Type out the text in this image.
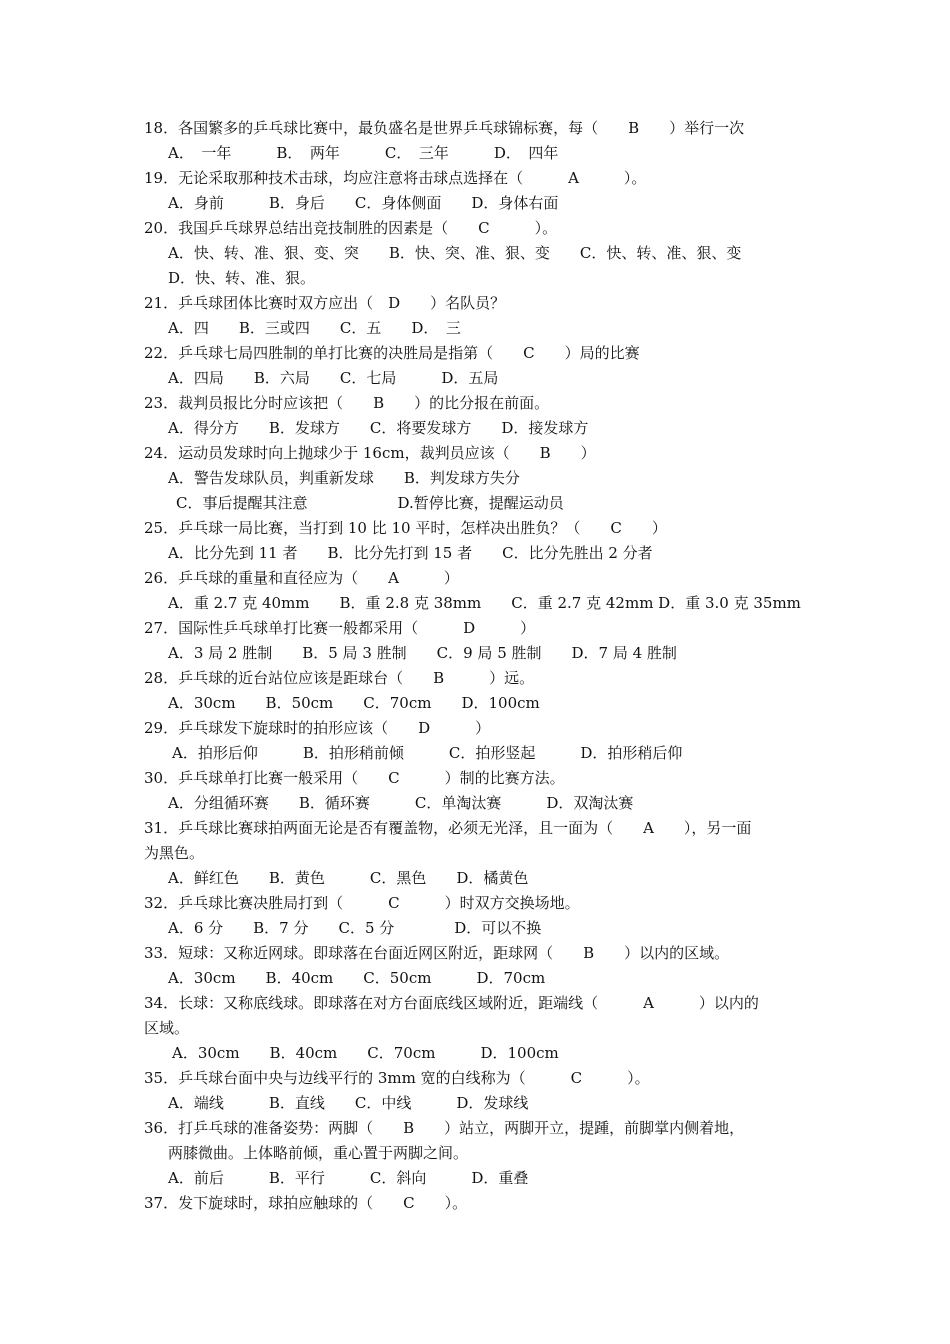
18．各国繁多的乒乓球比赛中，最负盛名是世界乒乓球锦标赛，每（　　B　　）举行一次
A．　一年　　　B．　两年　　　C．　三年　　　D．　四年
19．无论采取那种技术击球，均应注意将击球点选择在（　　　A　　　）。
A．身前　　　B．身后　　C．身体侧面　　D．身体右面
20．我国乒乓球界总结出竞技制胜的因素是（　　C　　　）。
A．快、转、准、狠、变、突　　B．快、突、准、狠、变　　C．快、转、准、狠、变
D．快、转、准、狠。
21．乒乓球团体比赛时双方应出（　D　　）名队员？
A．四　　B．三或四　　C．五　　D．　三
22．乒乓球七局四胜制的单打比赛的决胜局是指第（　　C　　）局的比赛
A．四局　　B．六局　　C．七局　　　D．五局
23．裁判员报比分时应该把（　　B　　）的比分报在前面。
A．得分方　　B．发球方　　C．将要发球方　　D．接发球方
24．运动员发球时向上抛球少于 16cm，裁判员应该（　　B　　）
A．警告发球队员，判重新发球　　B．判发球方失分
C．事后提醒其注意　　　　　　D.暂停比赛，提醒运动员
25．乒乓球一局比赛，当打到 10 比 10 平时，怎样决出胜负？（　　C　　）
A．比分先到 11 者　　B．比分先打到 15 者　　C．比分先胜出 2 分者
26．乒乓球的重量和直径应为（　　A　　　）
A．重 2.7 克 40mm　　B．重 2.8 克 38mm　　C．重 2.7 克 42mm D．重 3.0 克 35mm
27．国际性乒乓球单打比赛一般都采用（　　　D　　　）
A．3 局 2 胜制　　B．5 局 3 胜制　　C．9 局 5 胜制　　D．7 局 4 胜制
28．乒乓球的近台站位应该是距球台（　　B　　　）远。
A．30cm　　B．50cm　　C．70cm　　D．100cm
29．乒乓球发下旋球时的拍形应该（　　D　　　）
A．拍形后仰　　　B．拍形稍前倾　　　C．拍形竖起　　　D．拍形稍后仰
30．乒乓球单打比赛一般采用（　　C　　　）制的比赛方法。
A．分组循环赛　　B．循环赛　　　C．单淘汰赛　　　D．双淘汰赛
31．乒乓球比赛球拍两面无论是否有覆盖物，必须无光泽，且一面为（　　A　　），另一面
为黑色。
A．鲜红色　　B．黄色　　　C．黑色　　D．橘黄色
32．乒乓球比赛决胜局打到（　　　C　　　）时双方交换场地。
A．6 分　　B．7 分　　C．5 分　　　　D．可以不换
33．短球：又称近网球。即球落在台面近网区附近，距球网（　　B　　）以内的区域。
A．30cm　　B．40cm　　C．50cm　　　D．70cm
34．长球：又称底线球。即球落在对方台面底线区域附近，距端线（　　　A　　　）以内的
区域。
A．30cm　　B．40cm　　C．70cm　　　D．100cm
35．乒乓球台面中央与边线平行的 3mm 宽的白线称为（　　　C　　　）。
A．端线　　　B．直线　　C．中线　　　D．发球线
36．打乒乓球的准备姿势：两脚（　　B　　）站立，两脚开立，提踵，前脚掌内侧着地，
两膝微曲。上体略前倾，重心置于两脚之间。
A．前后　　　B．平行　　　C．斜向　　　D．重叠
37．发下旋球时，球拍应触球的（　　C　　）。
